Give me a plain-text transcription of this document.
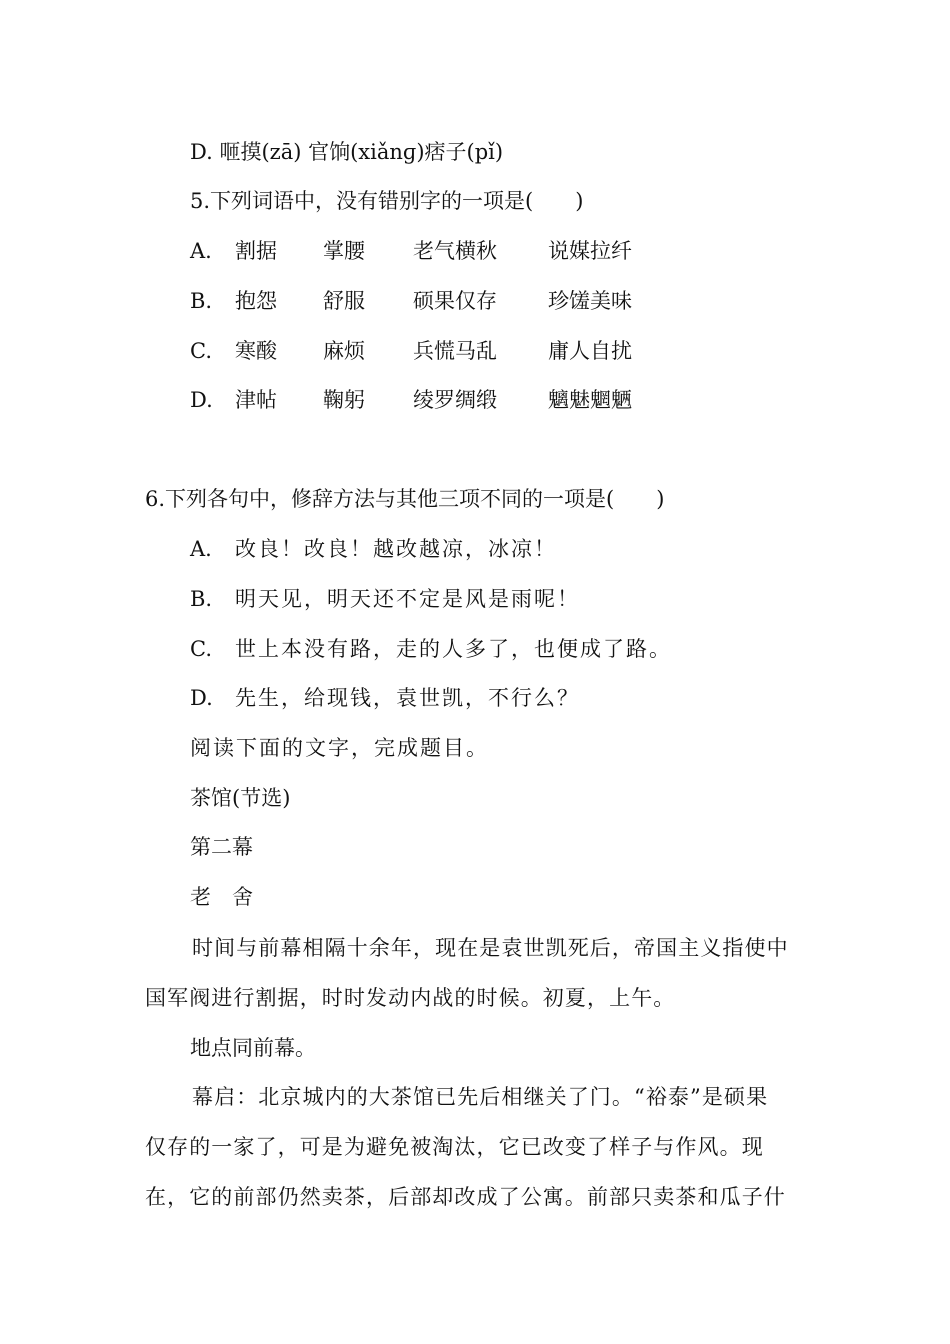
D. 咂摸(zā) 官饷(xiǎnɡ)痞子(pǐ)
5.下列词语中，没有错别字的一项是(　　)
A. 割据 掌腰 老气横秋 说媒拉纤
B. 抱怨 舒服 硕果仅存 珍馐美味
C. 寒酸 麻烦 兵慌马乱 庸人自扰
D. 津帖 鞠躬 绫罗绸缎 魑魅魍魉
6.下列各句中，修辞方法与其他三项不同的一项是(　　)
A. 改良！改良！越改越凉，冰凉！
B. 明天见，明天还不定是风是雨呢！
C. 世上本没有路，走的人多了，也便成了路。
D. 先生，给现钱，袁世凯，不行么？
阅读下面的文字，完成题目。
茶馆(节选)
第二幕
老　舍
时间与前幕相隔十余年，现在是袁世凯死后，帝国主义指使中
国军阀进行割据，时时发动内战的时候。初夏，上午。
地点同前幕。
幕启：北京城内的大茶馆已先后相继关了门。“裕泰”是硕果
仅存的一家了，可是为避免被淘汰，它已改变了样子与作风。现
在，它的前部仍然卖茶，后部却改成了公寓。前部只卖茶和瓜子什
